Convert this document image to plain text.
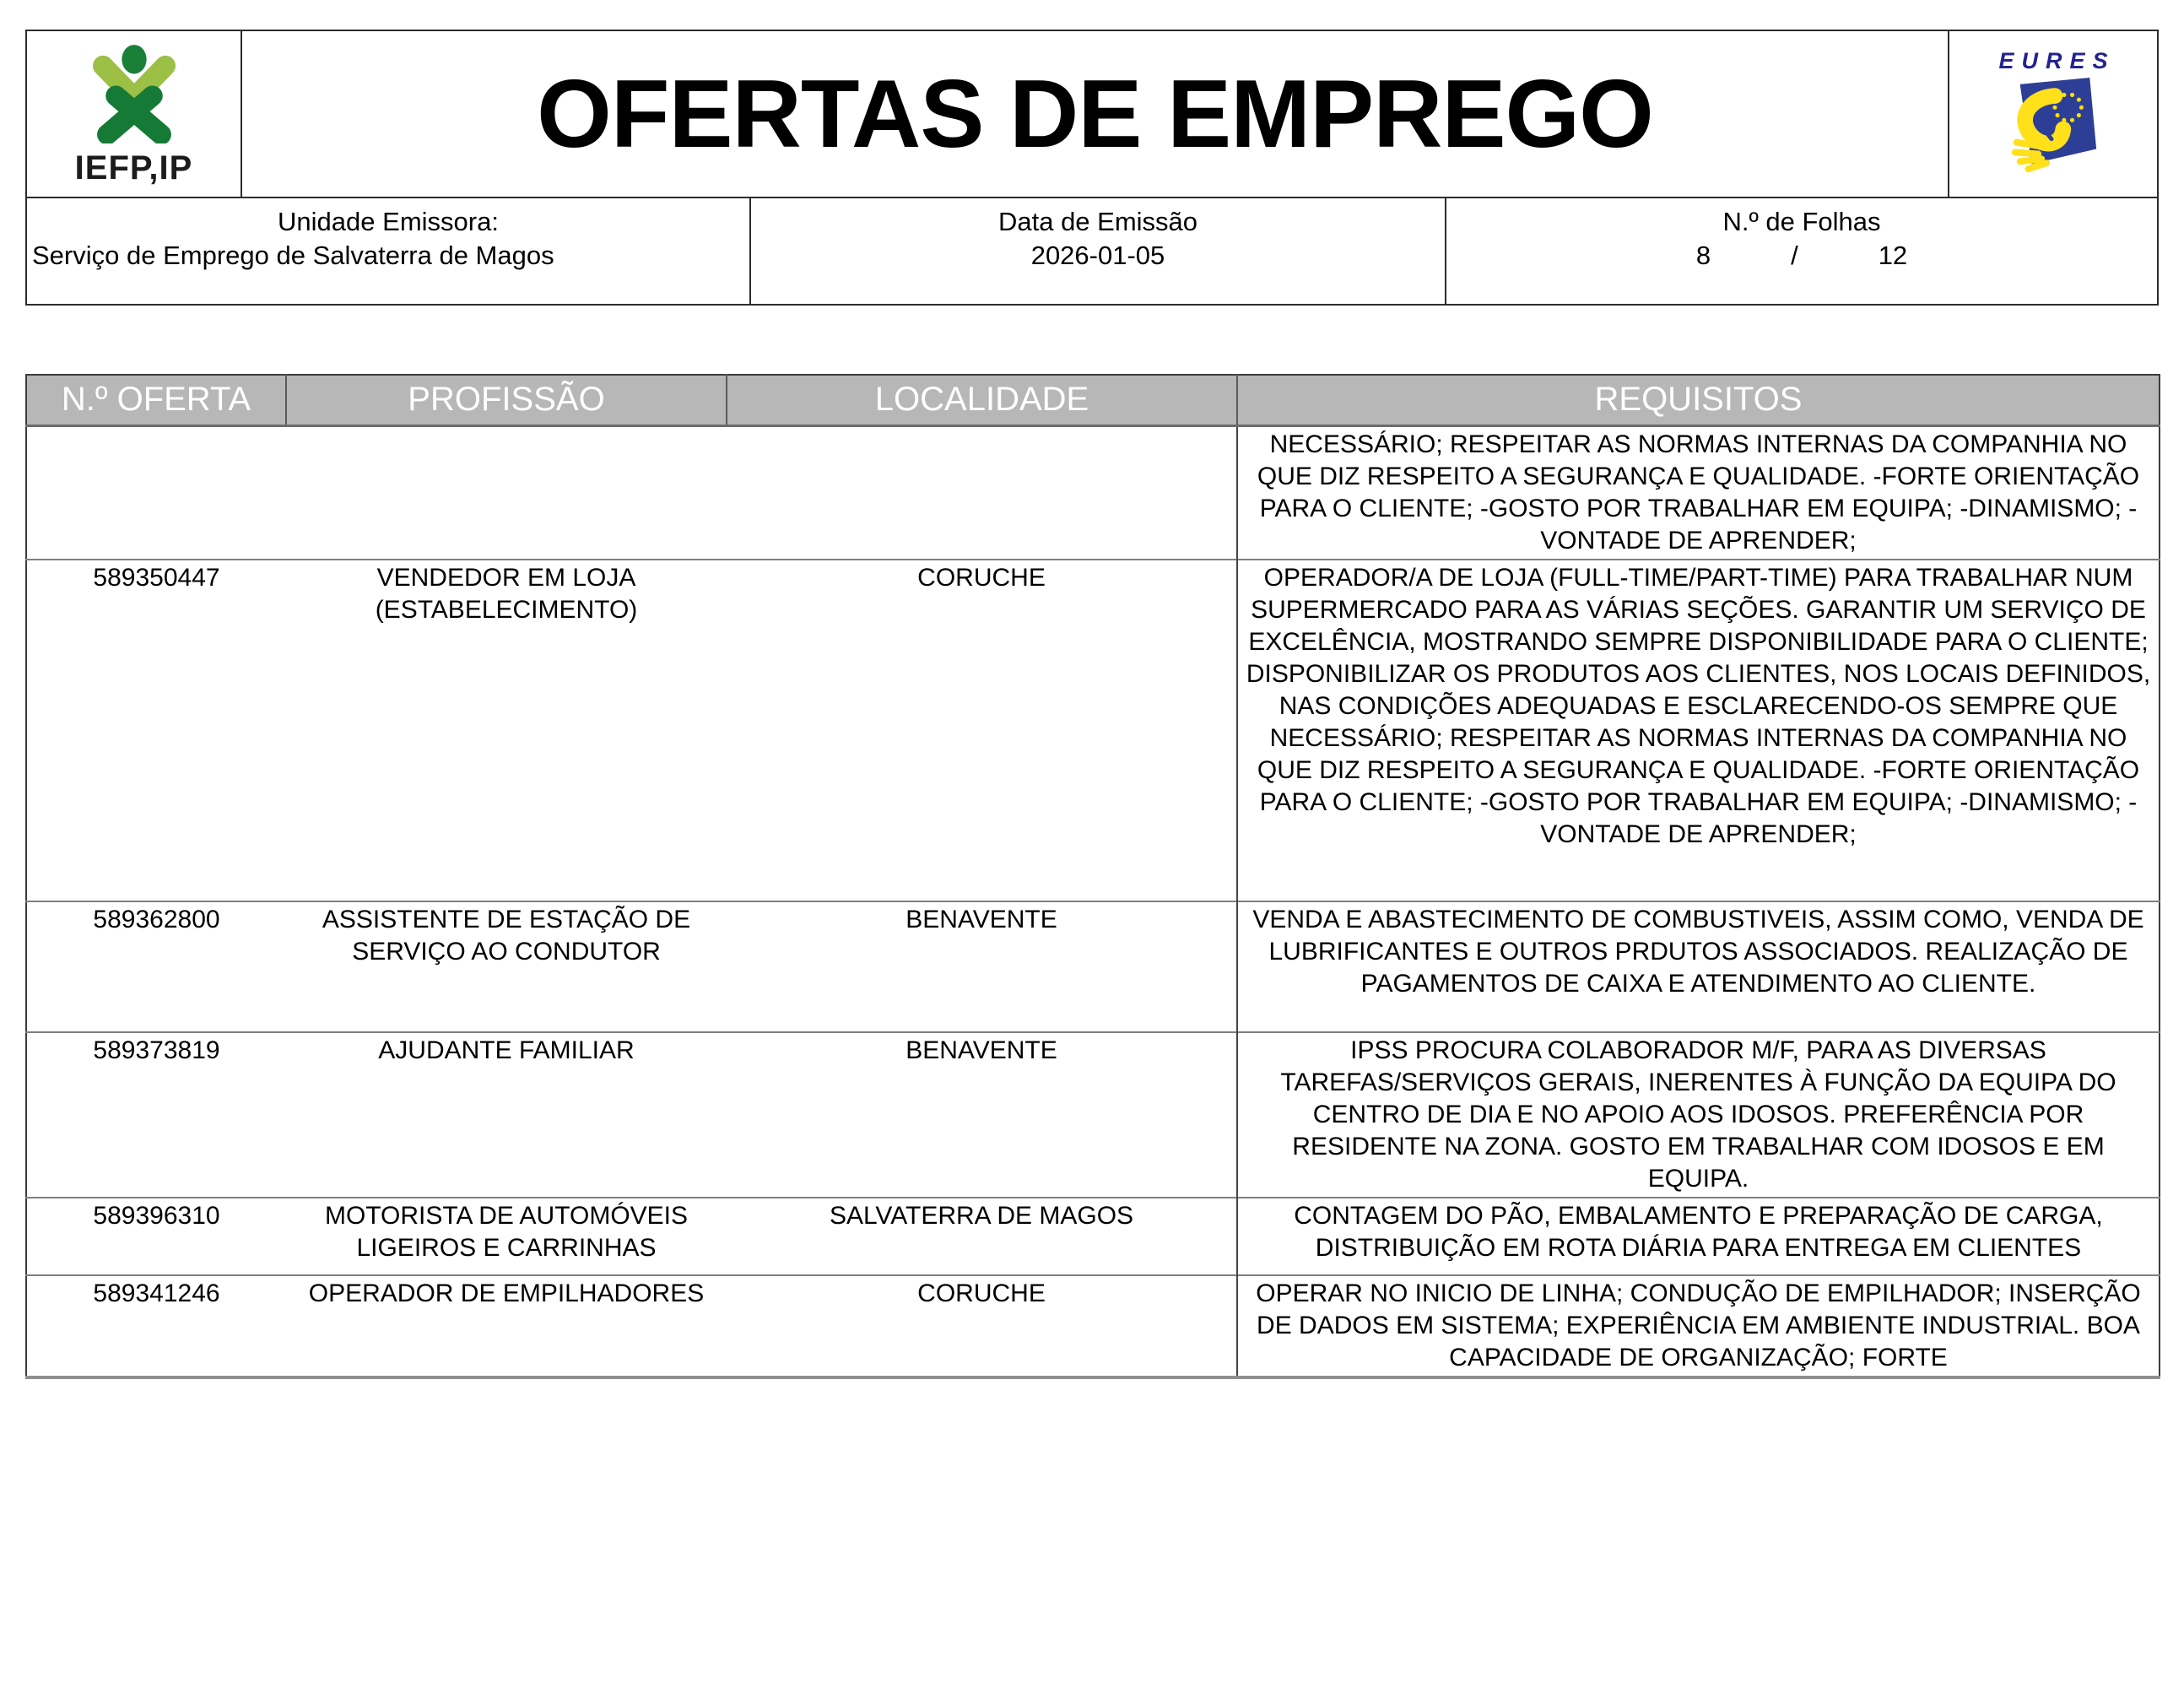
IEFP,IP
OFERTAS DE EMPREGO	EURES
Unidade Emissora:
Serviço de Emprego de Salvaterra de Magos
Data de Emissão
2026-01-05
N.º de Folhas
8	/	12
N.º OFERTA	PROFISSÃO	LOCALIDADE	REQUISITOS
			NECESSÁRIO; RESPEITAR AS NORMAS INTERNAS DA COMPANHIA NO QUE DIZ RESPEITO A SEGURANÇA E QUALIDADE. -FORTE ORIENTAÇÃO PARA O CLIENTE; -GOSTO POR TRABALHAR EM EQUIPA; -DINAMISMO; -VONTADE DE APRENDER;
589350447	VENDEDOR EM LOJA (ESTABELECIMENTO)	CORUCHE	OPERADOR/A DE LOJA (FULL-TIME/PART-TIME) PARA TRABALHAR NUM SUPERMERCADO PARA AS VÁRIAS SEÇÕES. GARANTIR UM SERVIÇO DE EXCELÊNCIA, MOSTRANDO SEMPRE DISPONIBILIDADE PARA O CLIENTE; DISPONIBILIZAR OS PRODUTOS AOS CLIENTES, NOS LOCAIS DEFINIDOS, NAS CONDIÇÕES ADEQUADAS E ESCLARECENDO-OS SEMPRE QUE NECESSÁRIO; RESPEITAR AS NORMAS INTERNAS DA COMPANHIA NO QUE DIZ RESPEITO A SEGURANÇA E QUALIDADE. -FORTE ORIENTAÇÃO PARA O CLIENTE; -GOSTO POR TRABALHAR EM EQUIPA; -DINAMISMO; -VONTADE DE APRENDER;
589362800	ASSISTENTE DE ESTAÇÃO DE SERVIÇO AO CONDUTOR	BENAVENTE	VENDA E ABASTECIMENTO DE COMBUSTIVEIS, ASSIM COMO, VENDA DE LUBRIFICANTES E OUTROS PRDUTOS ASSOCIADOS. REALIZAÇÃO DE PAGAMENTOS DE CAIXA E ATENDIMENTO AO CLIENTE.
589373819	AJUDANTE FAMILIAR	BENAVENTE	IPSS PROCURA COLABORADOR M/F, PARA AS DIVERSAS TAREFAS/SERVIÇOS GERAIS, INERENTES À FUNÇÃO DA EQUIPA DO CENTRO DE DIA E NO APOIO AOS IDOSOS. PREFERÊNCIA POR RESIDENTE NA ZONA. GOSTO EM TRABALHAR COM IDOSOS E EM EQUIPA.
589396310	MOTORISTA DE AUTOMÓVEIS LIGEIROS E CARRINHAS	SALVATERRA DE MAGOS	CONTAGEM DO PÃO, EMBALAMENTO E PREPARAÇÃO DE CARGA, DISTRIBUIÇÃO EM ROTA DIÁRIA PARA ENTREGA EM CLIENTES
589341246	OPERADOR DE EMPILHADORES	CORUCHE	OPERAR NO INICIO DE LINHA; CONDUÇÃO DE EMPILHADOR; INSERÇÃO DE DADOS EM SISTEMA; EXPERIÊNCIA EM AMBIENTE INDUSTRIAL. BOA CAPACIDADE DE ORGANIZAÇÃO; FORTE
